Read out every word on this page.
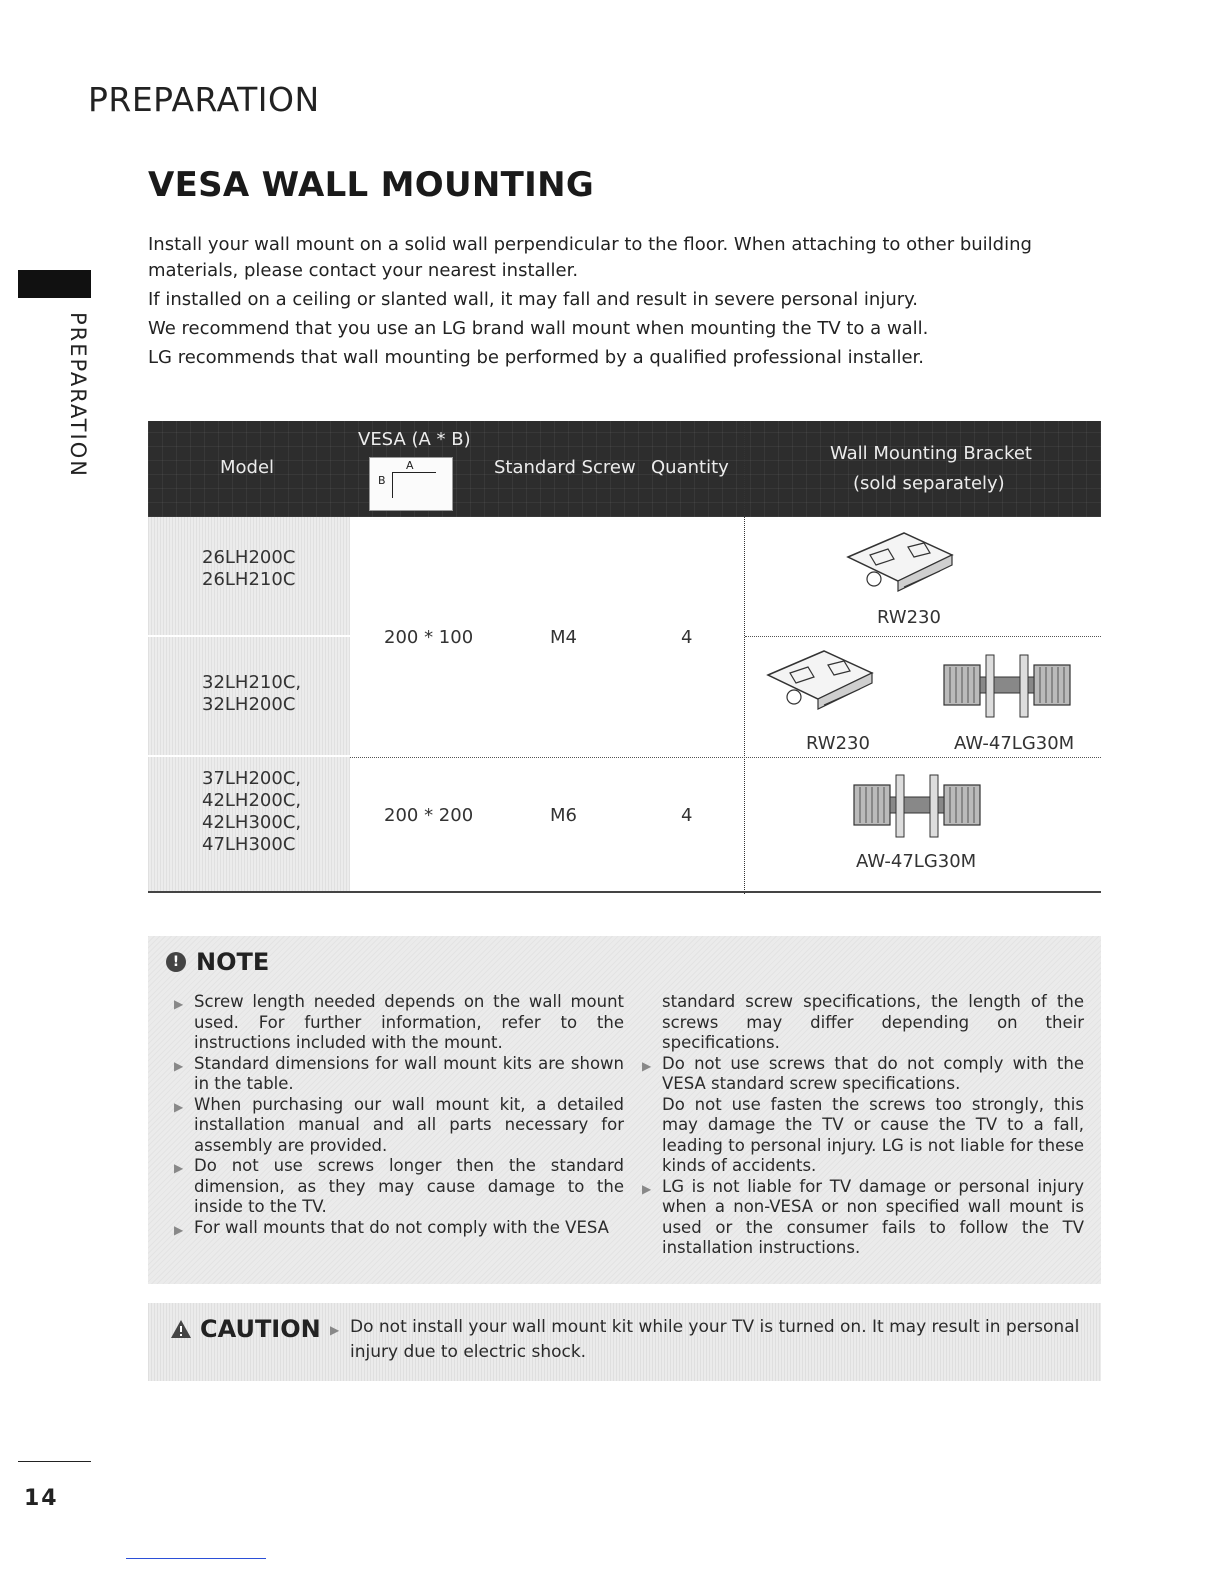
PREPARATION
VESA WALL MOUNTING
PREPARATION

Install your wall mount on a solid wall perpendicular to the floor. When attaching to other building materials, please contact your nearest installer.

If installed on a ceiling or slanted wall, it may fall and result in severe personal injury.

We recommend that you use an LG brand wall mount when mounting the TV to a wall.

LG recommends that wall mounting be performed by a qualified professional installer.

Model
VESA (A * B)
A
B
Standard Screw Quantity
Wall Mounting Bracket
(sold separately)
26LH200C
26LH210C
32LH210C,
32LH200C
37LH200C,
42LH200C,
42LH300C,
47LH300C
200 * 100	M4	4
200 * 200	M6	4
RW230
RW230	AW-47LG30M
AW-47LG30M
! NOTE

▶ Screw length needed depends on the wall mount used. For further information, refer to the instructions included with the mount.

▶ Standard dimensions for wall mount kits are shown in the table.

▶ When purchasing our wall mount kit, a detailed installation manual and all parts necessary for assembly are provided.

▶ Do not use screws longer then the standard dimension, as they may cause damage to the inside to the TV.

▶ For wall mounts that do not comply with the VESA

standard screw specifications, the length of the screws may differ depending on their specifications.

▶ Do not use screws that do not comply with the VESA standard screw specifications.

Do not use fasten the screws too strongly, this may damage the TV or cause the TV to a fall, leading to personal injury. LG is not liable for these kinds of accidents.

▶ LG is not liable for TV damage or personal injury when a non-VESA or non specified wall mount is used or the consumer fails to follow the TV installation instructions.

CAUTION
▶	Do not install your wall mount kit while your TV is turned on. It may result in personal injury due to electric shock.
14
